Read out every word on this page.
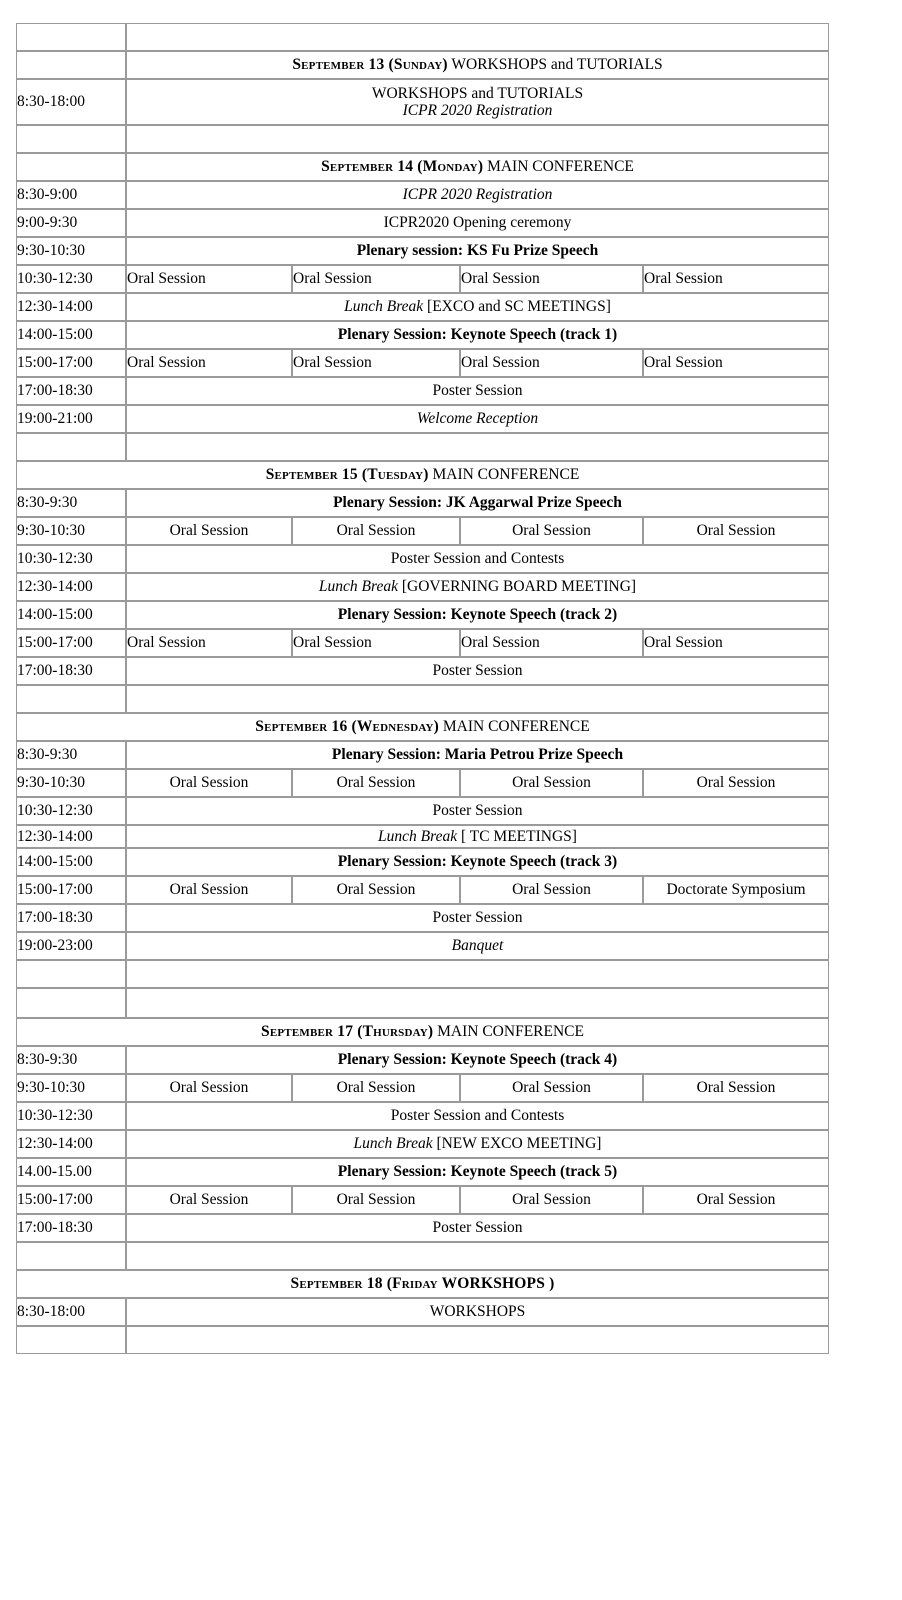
	September 13 (Sunday) WORKSHOPS and TUTORIALS			
8:30-18:00	WORKSHOPS and TUTORIALS
ICPR 2020 Registration			

	September 14 (Monday) MAIN CONFERENCE			
8:30-9:00	ICPR 2020 Registration			
9:00-9:30	ICPR2020 Opening ceremony			
9:30-10:30	Plenary session: KS Fu Prize Speech			
10:30-12:30	Oral Session	Oral Session	Oral Session	Oral Session
12:30-14:00	Lunch Break [EXCO and SC MEETINGS]			
14:00-15:00	Plenary Session: Keynote Speech (track 1)			
15:00-17:00	Oral Session	Oral Session	Oral Session	Oral Session
17:00-18:30	Poster Session			
19:00-21:00	Welcome Reception			

September 15 (Tuesday) MAIN CONFERENCE				
8:30-9:30	Plenary Session: JK Aggarwal Prize Speech			
9:30-10:30	Oral Session	Oral Session	Oral Session	Oral Session
10:30-12:30	Poster Session and Contests			
12:30-14:00	Lunch Break [GOVERNING BOARD MEETING]			
14:00-15:00	Plenary Session: Keynote Speech (track 2)			
15:00-17:00	Oral Session	Oral Session	Oral Session	Oral Session
17:00-18:30	Poster Session			

September 16 (Wednesday) MAIN CONFERENCE				
8:30-9:30	Plenary Session: Maria Petrou Prize Speech			
9:30-10:30	Oral Session	Oral Session	Oral Session	Oral Session
10:30-12:30	Poster Session			
12:30-14:00	Lunch Break [ TC MEETINGS]			
14:00-15:00	Plenary Session: Keynote Speech (track 3)			
15:00-17:00	Oral Session	Oral Session	Oral Session	Doctorate Symposium
17:00-18:30	Poster Session			
19:00-23:00	Banquet			

September 17 (Thursday) MAIN CONFERENCE				
8:30-9:30	Plenary Session: Keynote Speech (track 4)			
9:30-10:30	Oral Session	Oral Session	Oral Session	Oral Session
10:30-12:30	Poster Session and Contests			
12:30-14:00	Lunch Break [NEW EXCO MEETING]			
14.00-15.00	Plenary Session: Keynote Speech (track 5)			
15:00-17:00	Oral Session	Oral Session	Oral Session	Oral Session
17:00-18:30	Poster Session			

September 18 (Friday WORKSHOPS )				
8:30-18:00	WORKSHOPS			
